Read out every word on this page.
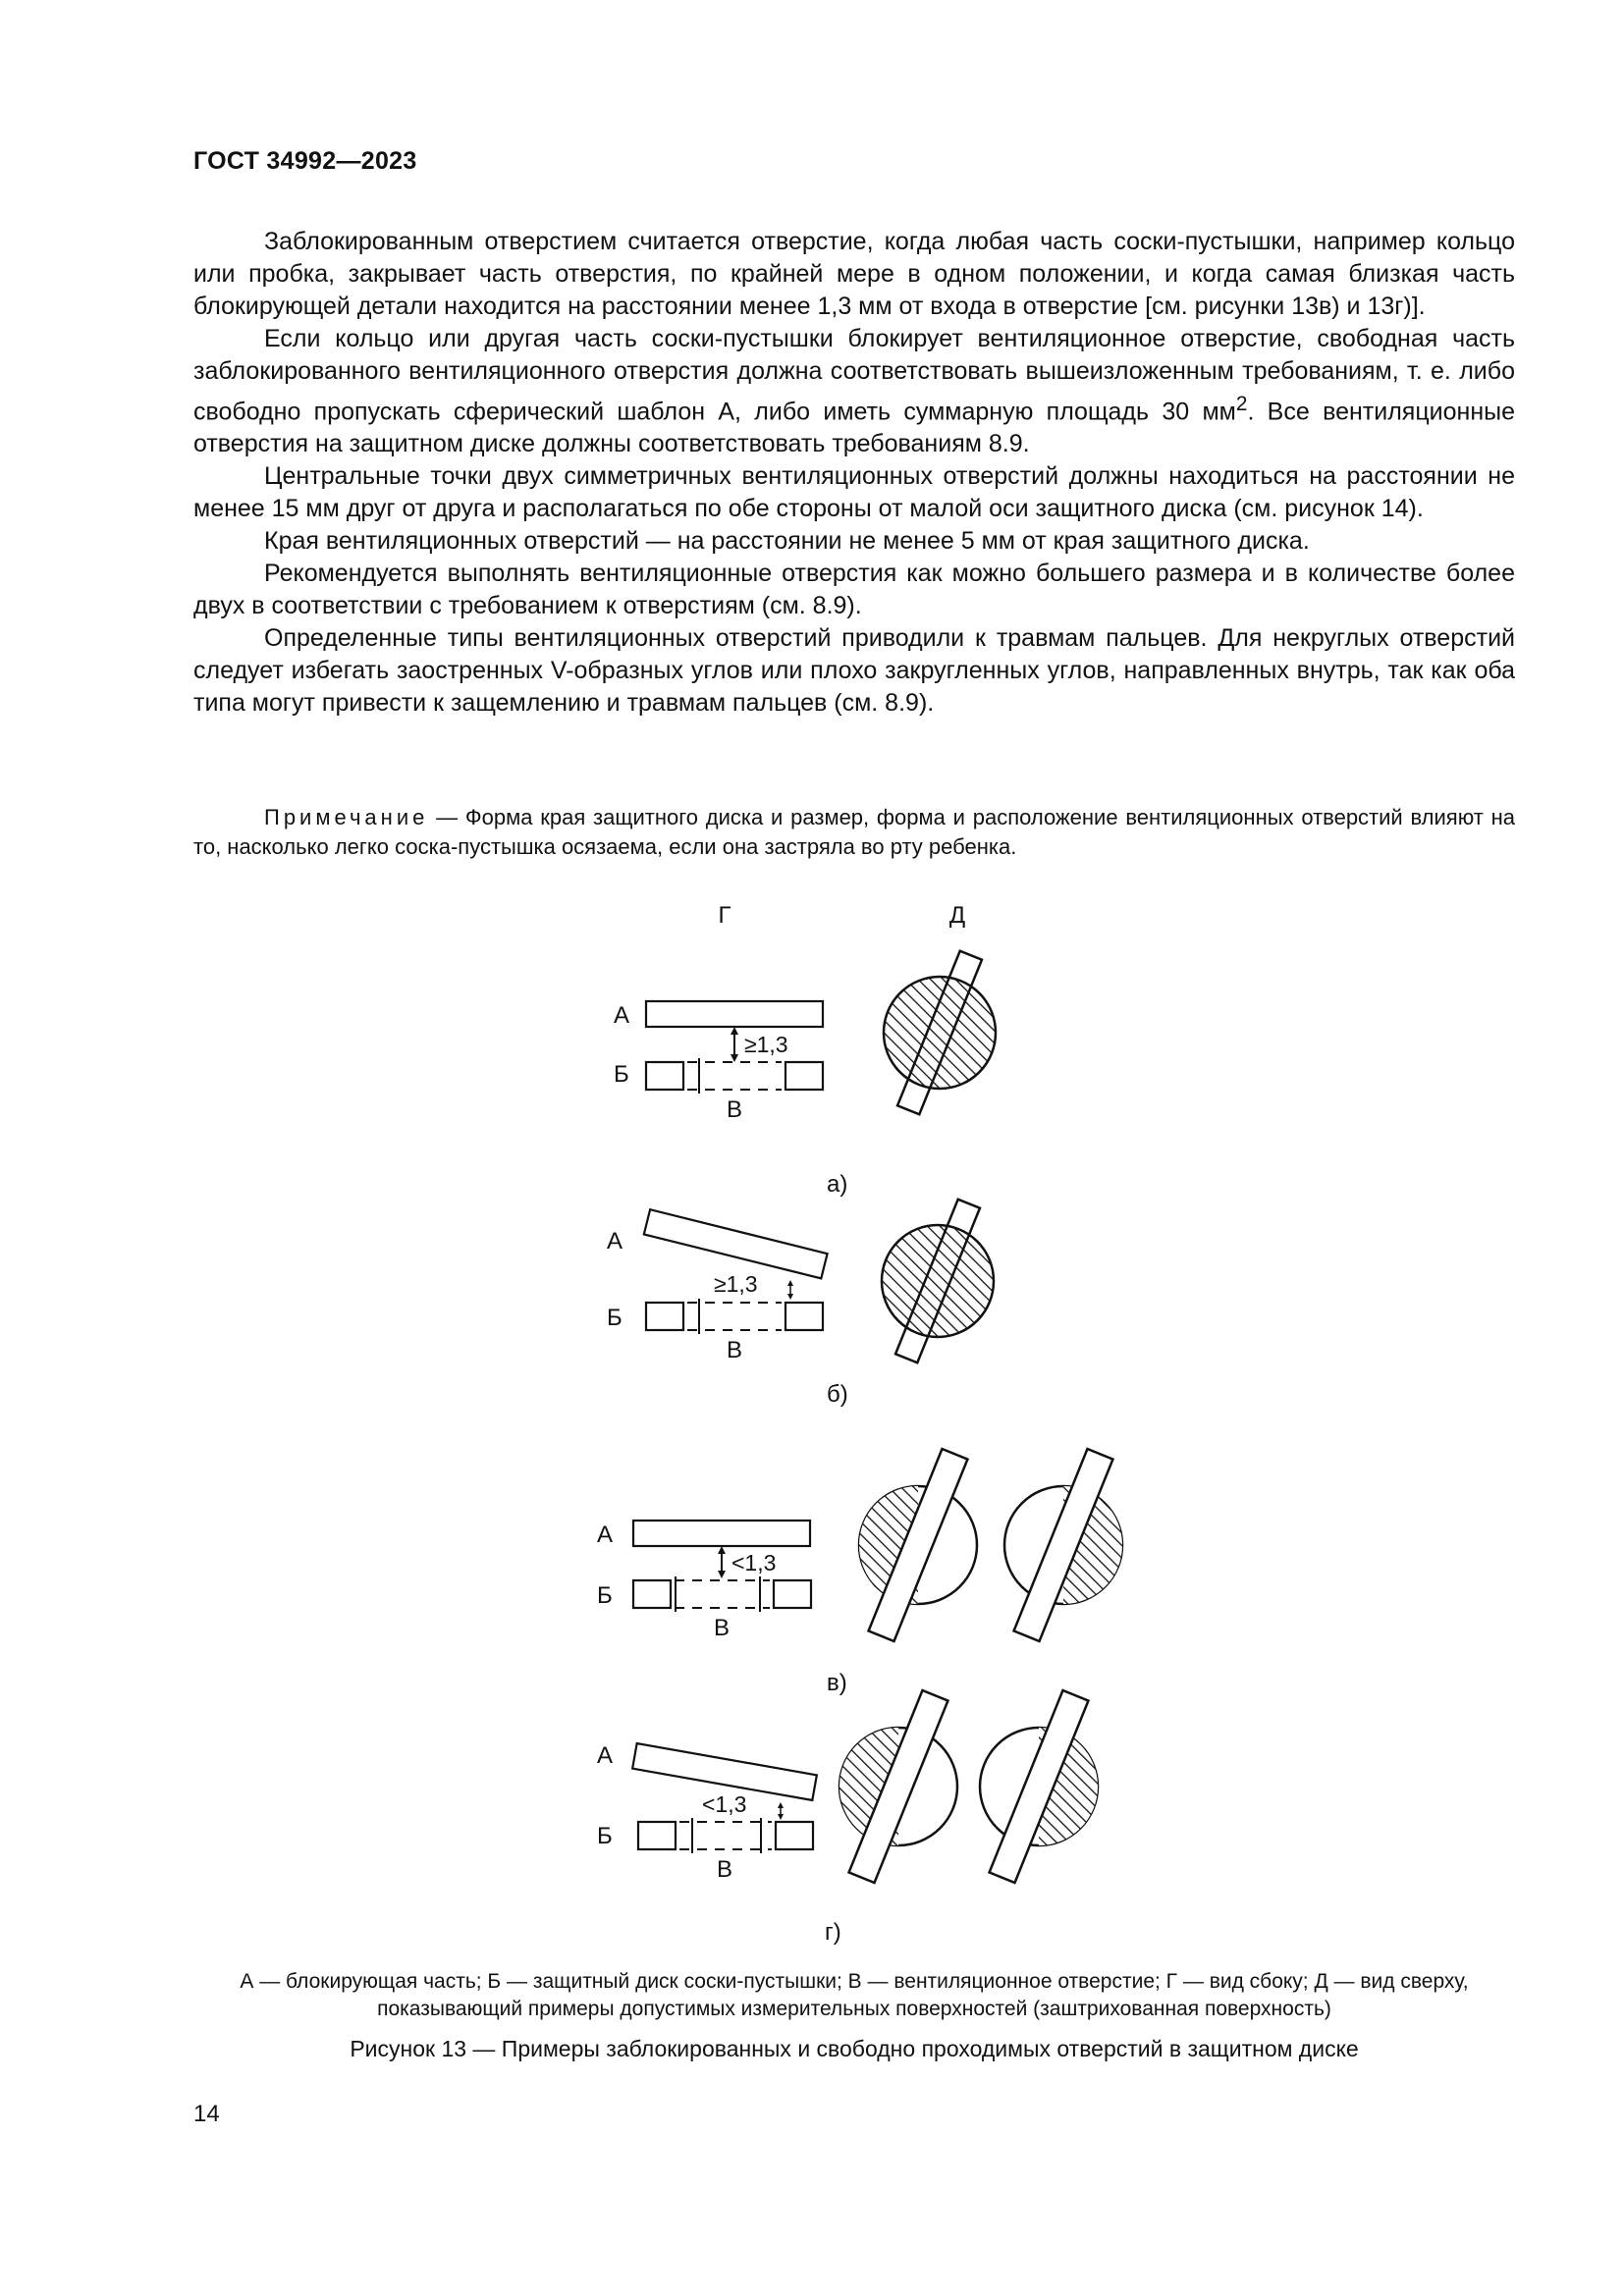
ГОСТ 34992—2023

Заблокированным отверстием считается отверстие, когда любая часть соски-пустышки, например кольцо или пробка, закрывает часть отверстия, по крайней мере в одном положении, и когда самая близкая часть блокирующей детали находится на расстоянии менее 1,3 мм от входа в отверстие [см. рисунки 13в) и 13г)].

Если кольцо или другая часть соски-пустышки блокирует вентиляционное отверстие, свободная часть заблокированного вентиляционного отверстия должна соответствовать вышеизложенным требованиям, т. е. либо свободно пропускать сферический шаблон А, либо иметь суммарную площадь 30 $мм^2$. Все вентиляционные отверстия на защитном диске должны соответствовать требованиям 8.9.

Центральные точки двух симметричных вентиляционных отверстий должны находиться на расстоянии не менее 15 мм друг от друга и располагаться по обе стороны от малой оси защитного диска (см. рисунок 14).

Края вентиляционных отверстий — на расстоянии не менее 5 мм от края защитного диска.

Рекомендуется выполнять вентиляционные отверстия как можно большего размера и в количестве более двух в соответствии с требованием к отверстиям (см. 8.9).

Определенные типы вентиляционных отверстий приводили к травмам пальцев. Для некруглых отверстий следует избегать заостренных V-образных углов или плохо закругленных углов, направленных внутрь, так как оба типа могут привести к защемлению и травмам пальцев (см. 8.9).

Примечание — Форма края защитного диска и размер, форма и расположение вентиляционных отверстий влияют на то, насколько легко соска-пустышка осязаема, если она застряла во рту ребенка.
Г	Д
А
≥1,3
Б
В
а)
А
≥1,3
Б
В
б)
А
<1,3
Б
В
в)
А
<1,3
Б
В
г)
А — блокирующая часть; Б — защитный диск соски-пустышки; В — вентиляционное отверстие; Г — вид сбоку; Д — вид сверху, показывающий примеры допустимых измерительных поверхностей (заштрихованная поверхность)
Рисунок 13 — Примеры заблокированных и свободно проходимых отверстий в защитном диске
14
